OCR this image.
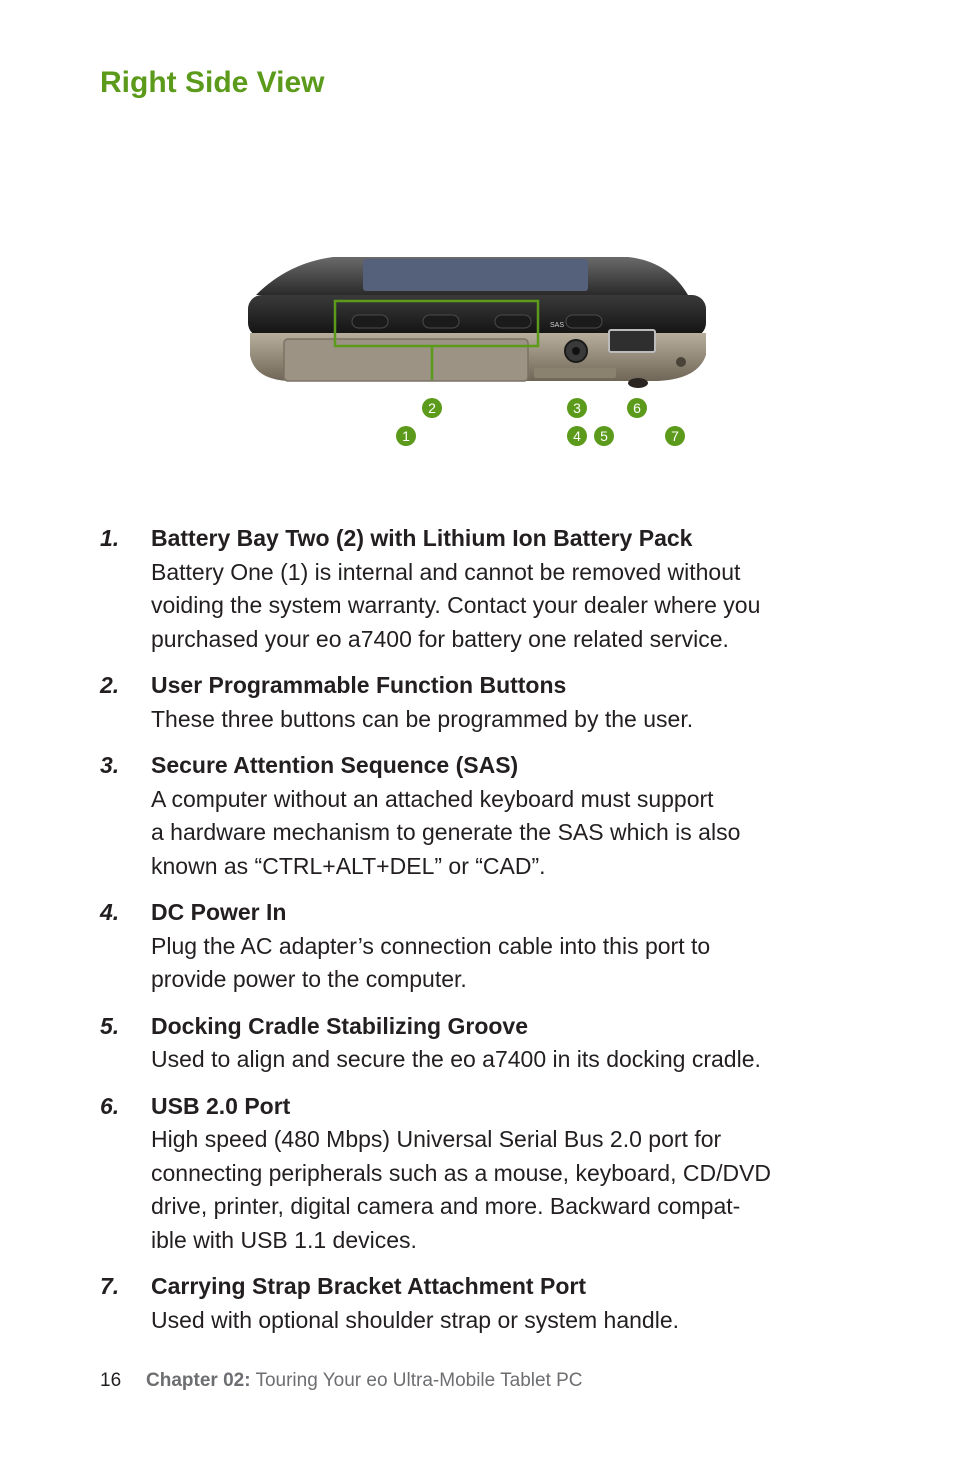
Right Side View
SAS
1
2	3
4 5
6
7
1. Battery Bay Two (2) with Lithium Ion Battery Pack
Battery One (1) is internal and cannot be removed without
voiding the system warranty. Contact your dealer where you
purchased your eo a7400 for battery one related service.
2. User Programmable Function Buttons
These three buttons can be programmed by the user.
3. Secure Attention Sequence (SAS)
A computer without an attached keyboard must support
a hardware mechanism to generate the SAS which is also
known as “CTRL+ALT+DEL” or “CAD”.
4. DC Power In
Plug the AC adapter’s connection cable into this port to
provide power to the computer.
5. Docking Cradle Stabilizing Groove
Used to align and secure the eo a7400 in its docking cradle.
6. USB 2.0 Port
High speed (480 Mbps) Universal Serial Bus 2.0 port for
connecting peripherals such as a mouse, keyboard, CD/DVD
drive, printer, digital camera and more. Backward compat-
ible with USB 1.1 devices.
7. Carrying Strap Bracket Attachment Port
Used with optional shoulder strap or system handle.
16 Chapter 02: Touring Your eo Ultra-Mobile Tablet PC
